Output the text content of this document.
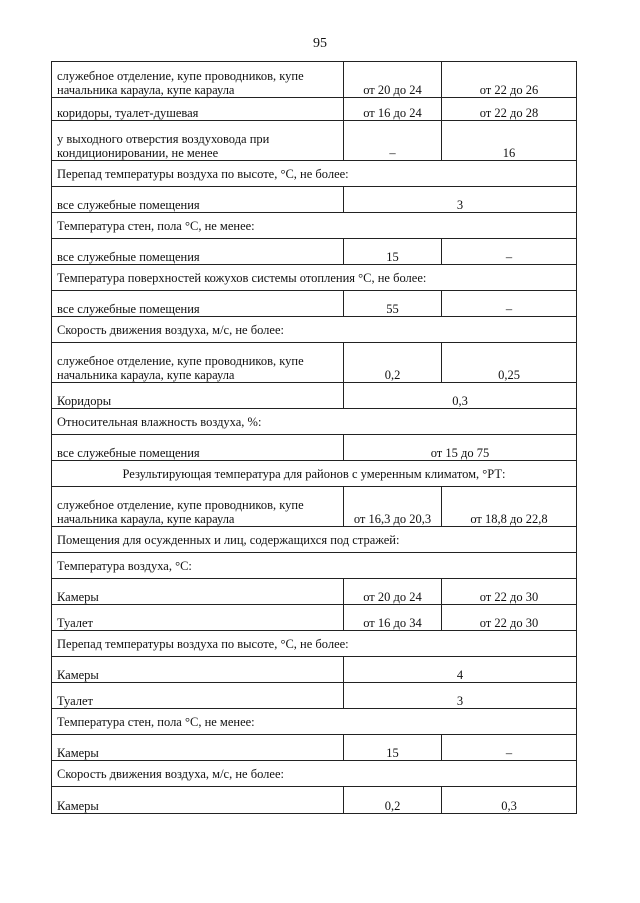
95
служебное отделение, купе проводников, купе начальника караула, купе караула	от 20 до 24	от 22 до 26
коридоры, туалет-душевая	от 16 до 24	от 22 до 28
у выходного отверстия воздуховода при кондиционировании, не менее	–	16
Перепад температуры воздуха по высоте, °С, не более:		
все служебные помещения	3	
Температура стен, пола °С, не менее:		
все служебные помещения	15	–
Температура поверхностей кожухов системы отопления °С, не более:		
все служебные помещения	55	–
Скорость движения воздуха, м/с, не более:		
служебное отделение, купе проводников, купе начальника караула, купе караула	0,2	0,25
Коридоры	0,3	
Относительная влажность воздуха, %:		
все служебные помещения	от 15 до 75	
Результирующая температура для районов с умеренным климатом, °РТ:		
служебное отделение, купе проводников, купе начальника караула, купе караула	от 16,3 до 20,3	от 18,8 до 22,8
Помещения для осужденных и лиц, содержащихся под стражей:		
Температура воздуха, °С:		
Камеры	от 20 до 24	от 22 до 30
Туалет	от 16 до 34	от 22 до 30
Перепад температуры воздуха по высоте, °С, не более:		
Камеры	4	
Туалет	3	
Температура стен, пола °С, не менее:		
Камеры	15	–
Скорость движения воздуха, м/с, не более:		
Камеры	0,2	0,3
